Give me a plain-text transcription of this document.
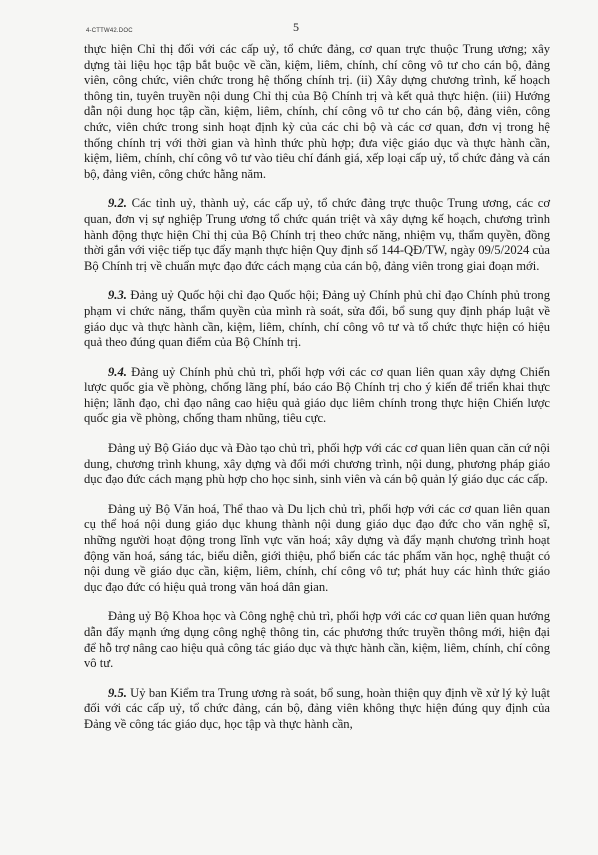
4-CTTW42.DOC	5

thực hiện Chỉ thị đối với các cấp uỷ, tổ chức đảng, cơ quan trực thuộc Trung ương; xây dựng tài liệu học tập bắt buộc về cần, kiệm, liêm, chính, chí công vô tư cho cán bộ, đảng viên, công chức, viên chức trong hệ thống chính trị. (ii) Xây dựng chương trình, kế hoạch thông tin, tuyên truyền nội dung Chỉ thị của Bộ Chính trị và kết quả thực hiện. (iii) Hướng dẫn nội dung học tập cần, kiệm, liêm, chính, chí công vô tư cho cán bộ, đảng viên, công chức, viên chức trong sinh hoạt định kỳ của các chi bộ và các cơ quan, đơn vị trong hệ thống chính trị với thời gian và hình thức phù hợp; đưa việc giáo dục và thực hành cần, kiệm, liêm, chính, chí công vô tư vào tiêu chí đánh giá, xếp loại cấp uỷ, tổ chức đảng và cán bộ, đảng viên, công chức hằng năm.

9.2. Các tỉnh uỷ, thành uỷ, các cấp uỷ, tổ chức đảng trực thuộc Trung ương, các cơ quan, đơn vị sự nghiệp Trung ương tổ chức quán triệt và xây dựng kế hoạch, chương trình hành động thực hiện Chỉ thị của Bộ Chính trị theo chức năng, nhiệm vụ, thẩm quyền, đồng thời gắn với việc tiếp tục đẩy mạnh thực hiện Quy định số 144-QĐ/TW, ngày 09/5/2024 của Bộ Chính trị về chuẩn mực đạo đức cách mạng của cán bộ, đảng viên trong giai đoạn mới.

9.3. Đảng uỷ Quốc hội chỉ đạo Quốc hội; Đảng uỷ Chính phủ chỉ đạo Chính phủ trong phạm vi chức năng, thẩm quyền của mình rà soát, sửa đổi, bổ sung quy định pháp luật về giáo dục và thực hành cần, kiệm, liêm, chính, chí công vô tư và tổ chức thực hiện có hiệu quả theo đúng quan điểm của Bộ Chính trị.

9.4. Đảng uỷ Chính phủ chủ trì, phối hợp với các cơ quan liên quan xây dựng Chiến lược quốc gia về phòng, chống lãng phí, báo cáo Bộ Chính trị cho ý kiến để triển khai thực hiện; lãnh đạo, chỉ đạo nâng cao hiệu quả giáo dục liêm chính trong thực hiện Chiến lược quốc gia về phòng, chống tham nhũng, tiêu cực.

Đảng uỷ Bộ Giáo dục và Đào tạo chủ trì, phối hợp với các cơ quan liên quan căn cứ nội dung, chương trình khung, xây dựng và đổi mới chương trình, nội dung, phương pháp giáo dục đạo đức cách mạng phù hợp cho học sinh, sinh viên và cán bộ quản lý giáo dục các cấp.

Đảng uỷ Bộ Văn hoá, Thể thao và Du lịch chủ trì, phối hợp với các cơ quan liên quan cụ thể hoá nội dung giáo dục khung thành nội dung giáo dục đạo đức cho văn nghệ sĩ, những người hoạt động trong lĩnh vực văn hoá; xây dựng và đẩy mạnh chương trình hoạt động văn hoá, sáng tác, biểu diễn, giới thiệu, phổ biến các tác phẩm văn học, nghệ thuật có nội dung về giáo dục cần, kiệm, liêm, chính, chí công vô tư; phát huy các hình thức giáo dục đạo đức có hiệu quả trong văn hoá dân gian.

Đảng uỷ Bộ Khoa học và Công nghệ chủ trì, phối hợp với các cơ quan liên quan hướng dẫn đẩy mạnh ứng dụng công nghệ thông tin, các phương thức truyền thông mới, hiện đại để hỗ trợ nâng cao hiệu quả công tác giáo dục và thực hành cần, kiệm, liêm, chính, chí công vô tư.

9.5. Uỷ ban Kiểm tra Trung ương rà soát, bổ sung, hoàn thiện quy định về xử lý kỷ luật đối với các cấp uỷ, tổ chức đảng, cán bộ, đảng viên không thực hiện đúng quy định của Đảng về công tác giáo dục, học tập và thực hành cần,
